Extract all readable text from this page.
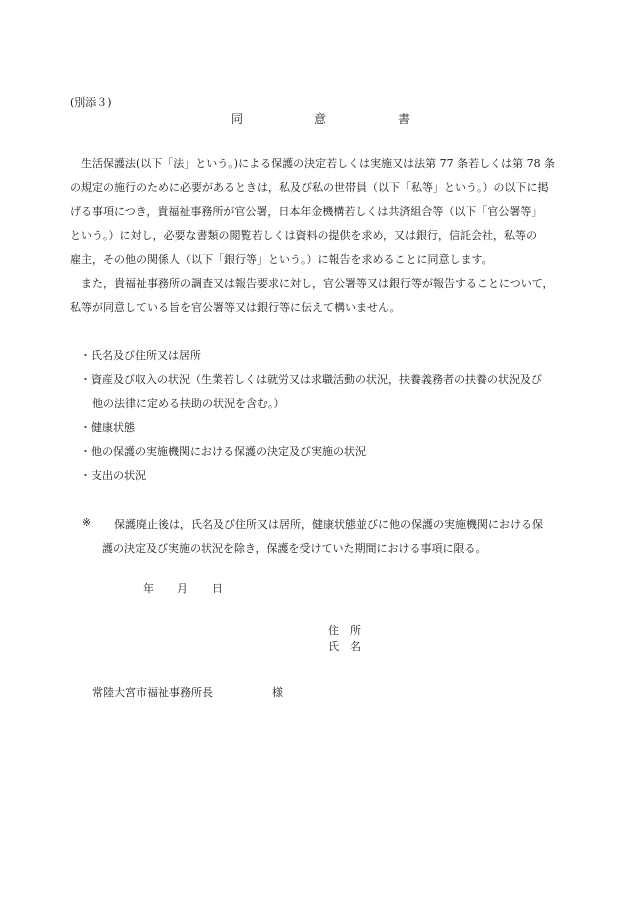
(別添３)
同	意	書
　生活保護法(以下「法」という。)による保護の決定若しくは実施又は法第 77 条若しくは第 78 条
の規定の施行のために必要があるときは，私及び私の世帯員（以下「私等」という。）の以下に掲
げる事項につき，貴福祉事務所が官公署，日本年金機構若しくは共済組合等（以下「官公署等」
という。）に対し，必要な書類の閲覧若しくは資料の提供を求め，又は銀行，信託会社，私等の
雇主，その他の関係人（以下「銀行等」という。）に報告を求めることに同意します。
　また，貴福祉事務所の調査又は報告要求に対し，官公署等又は銀行等が報告することについて，
私等が同意している旨を官公署等又は銀行等に伝えて構いません。
・氏名及び住所又は居所
・資産及び収入の状況（生業若しくは就労又は求職活動の状況，扶養義務者の扶養の状況及び
他の法律に定める扶助の状況を含む。）
・健康状態
・他の保護の実施機関における保護の決定及び実施の状況
・支出の状況
※ 保護廃止後は，氏名及び住所又は居所，健康状態並びに他の保護の実施機関における保
護の決定及び実施の状況を除き，保護を受けていた期間における事項に限る。
年 月 日
住　所
氏　名
常陸大宮市福祉事務所長	様
